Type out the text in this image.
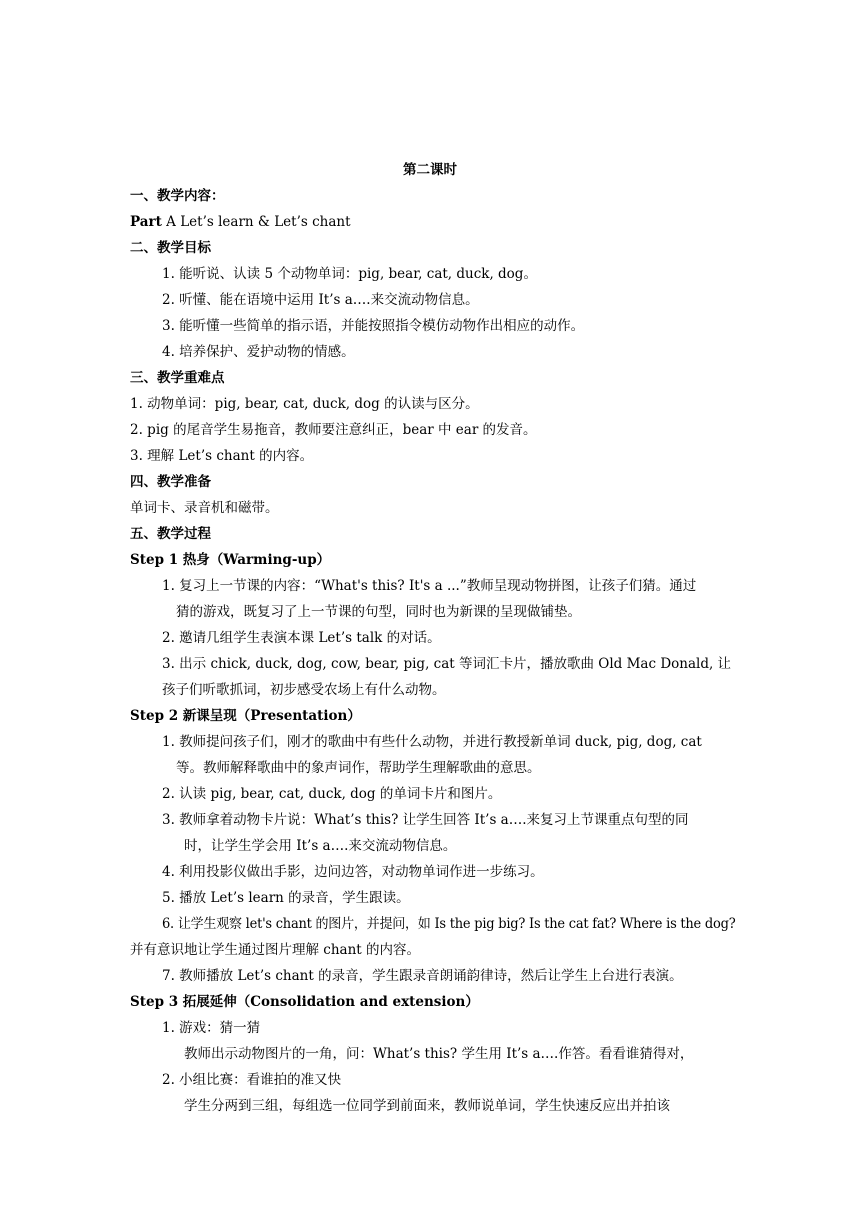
第二课时
一、教学内容：
Part A Let’s learn & Let’s chant
二、教学目标
1. 能听说、认读 5 个动物单词：pig, bear, cat, duck, dog。
2. 听懂、能在语境中运用 It’s a….来交流动物信息。
3. 能听懂一些简单的指示语，并能按照指令模仿动物作出相应的动作。
4. 培养保护、爱护动物的情感。
三、教学重难点
1. 动物单词：pig, bear, cat, duck, dog 的认读与区分。
2. pig 的尾音学生易拖音，教师要注意纠正，bear 中 ear 的发音。
3. 理解 Let’s chant 的内容。
四、教学准备
单词卡、录音机和磁带。
五、教学过程
Step 1 热身（Warming-up）
1. 复习上一节课的内容：“What's this? It's a ...”教师呈现动物拼图，让孩子们猜。通过
猜的游戏，既复习了上一节课的句型，同时也为新课的呈现做铺垫。
2. 邀请几组学生表演本课 Let’s talk 的对话。
3. 出示 chick, duck, dog, cow, bear, pig, cat 等词汇卡片，播放歌曲 Old Mac Donald, 让
孩子们听歌抓词，初步感受农场上有什么动物。
Step 2 新课呈现（Presentation）
1. 教师提问孩子们，刚才的歌曲中有些什么动物，并进行教授新单词 duck, pig, dog, cat
等。教师解释歌曲中的象声词作，帮助学生理解歌曲的意思。
2. 认读 pig, bear, cat, duck, dog 的单词卡片和图片。
3. 教师拿着动物卡片说：What’s this? 让学生回答 It’s a….来复习上节课重点句型的同
时，让学生学会用 It’s a….来交流动物信息。
4. 利用投影仪做出手影，边问边答，对动物单词作进一步练习。
5. 播放 Let’s learn 的录音，学生跟读。
6. 让学生观察 let's chant 的图片，并提问，如 Is the pig big? Is the cat fat? Where is the dog?
并有意识地让学生通过图片理解 chant 的内容。
7. 教师播放 Let’s chant 的录音，学生跟录音朗诵韵律诗，然后让学生上台进行表演。
Step 3 拓展延伸（Consolidation and extension）
1. 游戏：猜一猜
教师出示动物图片的一角，问：What’s this? 学生用 It’s a….作答。看看谁猜得对，
2. 小组比赛：看谁拍的准又快
学生分两到三组，每组选一位同学到前面来，教师说单词，学生快速反应出并拍该
